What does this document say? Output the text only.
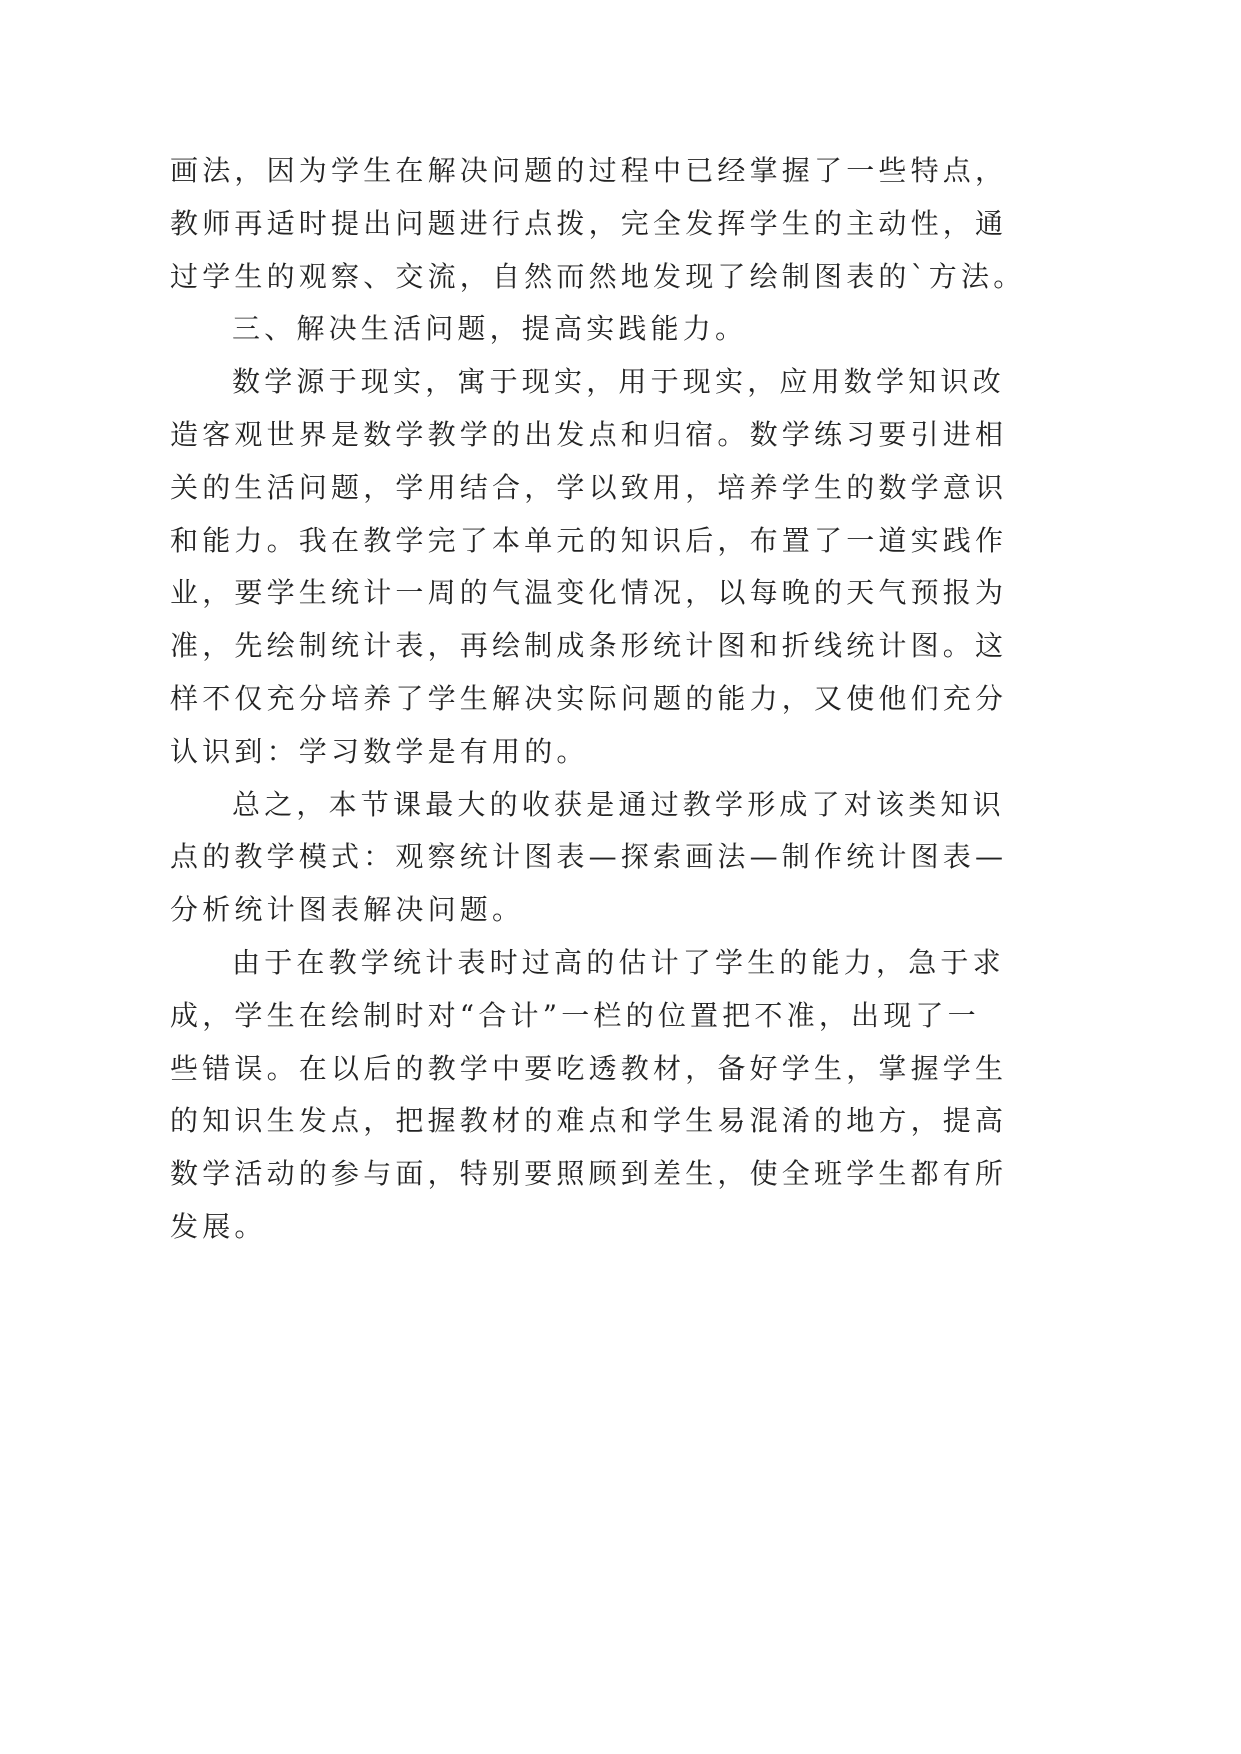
画法，因为学生在解决问题的过程中已经掌握了一些特点，
教师再适时提出问题进行点拨，完全发挥学生的主动性，通
过学生的观察、交流，自然而然地发现了绘制图表的`方法。
三、解决生活问题，提高实践能力。
数学源于现实，寓于现实，用于现实，应用数学知识改
造客观世界是数学教学的出发点和归宿。数学练习要引进相
关的生活问题，学用结合，学以致用，培养学生的数学意识
和能力。我在教学完了本单元的知识后，布置了一道实践作
业，要学生统计一周的气温变化情况，以每晚的天气预报为
准，先绘制统计表，再绘制成条形统计图和折线统计图。这
样不仅充分培养了学生解决实际问题的能力，又使他们充分
认识到：学习数学是有用的。
总之，本节课最大的收获是通过教学形成了对该类知识
点的教学模式：观察统计图表—探索画法—制作统计图表—
分析统计图表解决问题。
由于在教学统计表时过高的估计了学生的能力，急于求
成，学生在绘制时对“合计”一栏的位置把不准，出现了一
些错误。在以后的教学中要吃透教材，备好学生，掌握学生
的知识生发点，把握教材的难点和学生易混淆的地方，提高
数学活动的参与面，特别要照顾到差生，使全班学生都有所
发展。
